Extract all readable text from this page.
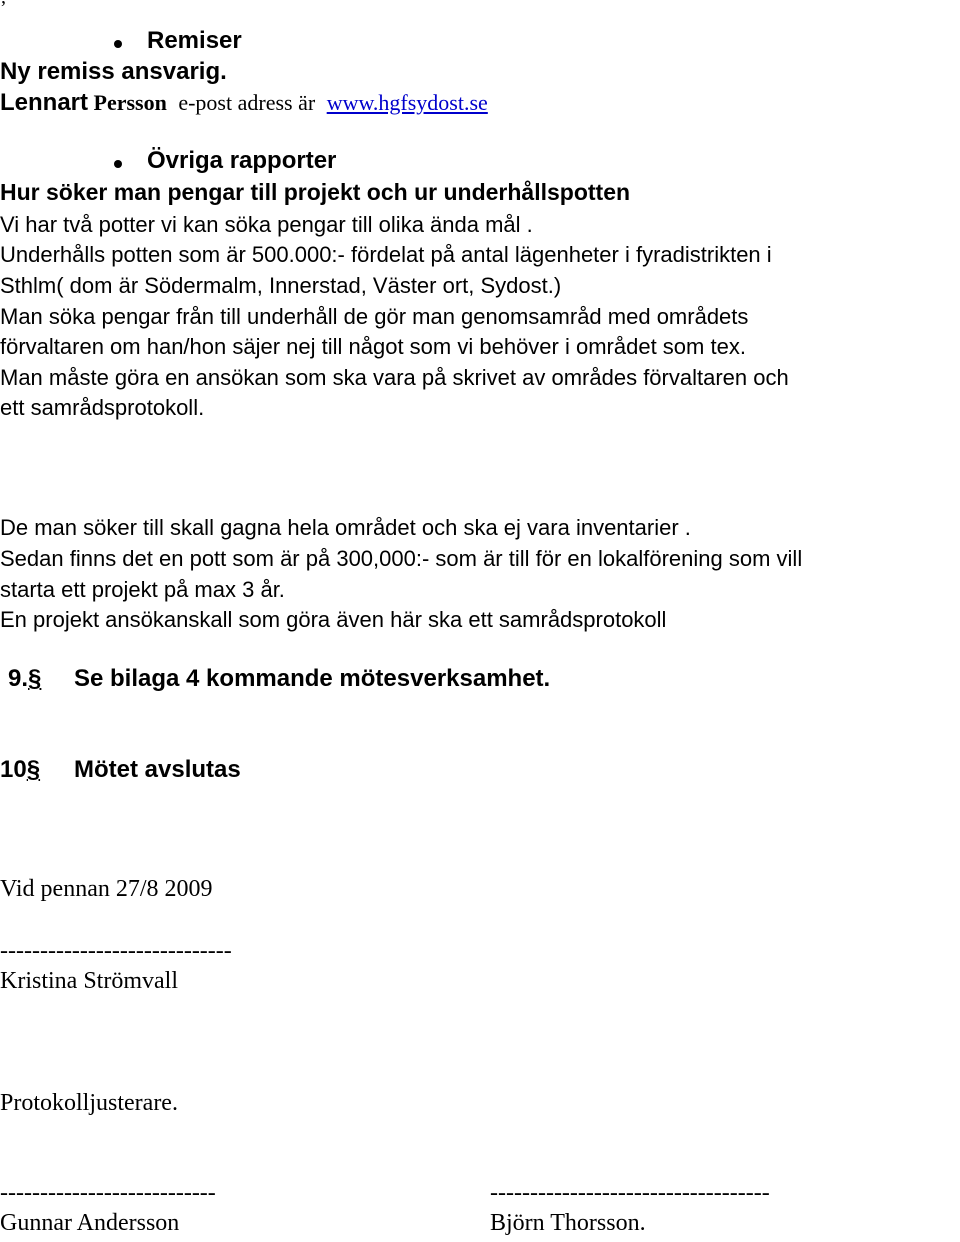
Remiser
Ny remiss ansvarig.
Lennart Persson e-post adress är www.hgfsydost.se
Övriga rapporter
Hur söker man pengar till projekt och ur underhållspotten
Vi har två potter vi kan söka pengar till olika ända mål .
Underhålls potten som är 500.000:- fördelat på antal lägenheter i fyradistrikten i
Sthlm( dom är Södermalm, Innerstad, Väster ort, Sydost.)
Man söka pengar från till underhåll de gör man genomsamråd med områdets
förvaltaren om han/hon säjer nej till något som vi behöver i området som tex.
Man måste göra en ansökan som ska vara på skrivet av områdes förvaltaren och
ett samrådsprotokoll.
De man söker till skall gagna hela området och ska ej vara inventarier .
Sedan finns det en pott som är på 300,000:- som är till för en lokalförening som vill
starta ett projekt på max 3 år.
En projekt ansökanskall som göra även här ska ett samrådsprotokoll
9.§ Se bilaga 4 kommande mötesverksamhet.
10§ Mötet avslutas
Vid pennan 27/8 2009
-----------------------------
Kristina Strömvall
Protokolljusterare.
---------------------------
Gunnar Andersson
-----------------------------------
Björn Thorsson.
